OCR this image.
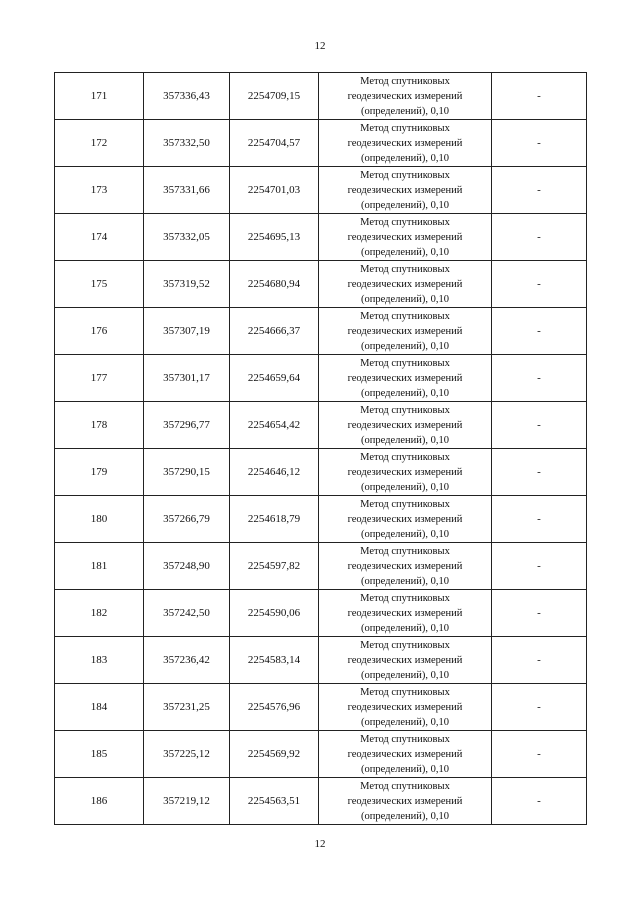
12
171	357336,43	2254709,15	Метод спутниковых
геодезических измерений
(определений), 0,10	-
172	357332,50	2254704,57	Метод спутниковых
геодезических измерений
(определений), 0,10	-
173	357331,66	2254701,03	Метод спутниковых
геодезических измерений
(определений), 0,10	-
174	357332,05	2254695,13	Метод спутниковых
геодезических измерений
(определений), 0,10	-
175	357319,52	2254680,94	Метод спутниковых
геодезических измерений
(определений), 0,10	-
176	357307,19	2254666,37	Метод спутниковых
геодезических измерений
(определений), 0,10	-
177	357301,17	2254659,64	Метод спутниковых
геодезических измерений
(определений), 0,10	-
178	357296,77	2254654,42	Метод спутниковых
геодезических измерений
(определений), 0,10	-
179	357290,15	2254646,12	Метод спутниковых
геодезических измерений
(определений), 0,10	-
180	357266,79	2254618,79	Метод спутниковых
геодезических измерений
(определений), 0,10	-
181	357248,90	2254597,82	Метод спутниковых
геодезических измерений
(определений), 0,10	-
182	357242,50	2254590,06	Метод спутниковых
геодезических измерений
(определений), 0,10	-
183	357236,42	2254583,14	Метод спутниковых
геодезических измерений
(определений), 0,10	-
184	357231,25	2254576,96	Метод спутниковых
геодезических измерений
(определений), 0,10	-
185	357225,12	2254569,92	Метод спутниковых
геодезических измерений
(определений), 0,10	-
186	357219,12	2254563,51	Метод спутниковых
геодезических измерений
(определений), 0,10	-
12
